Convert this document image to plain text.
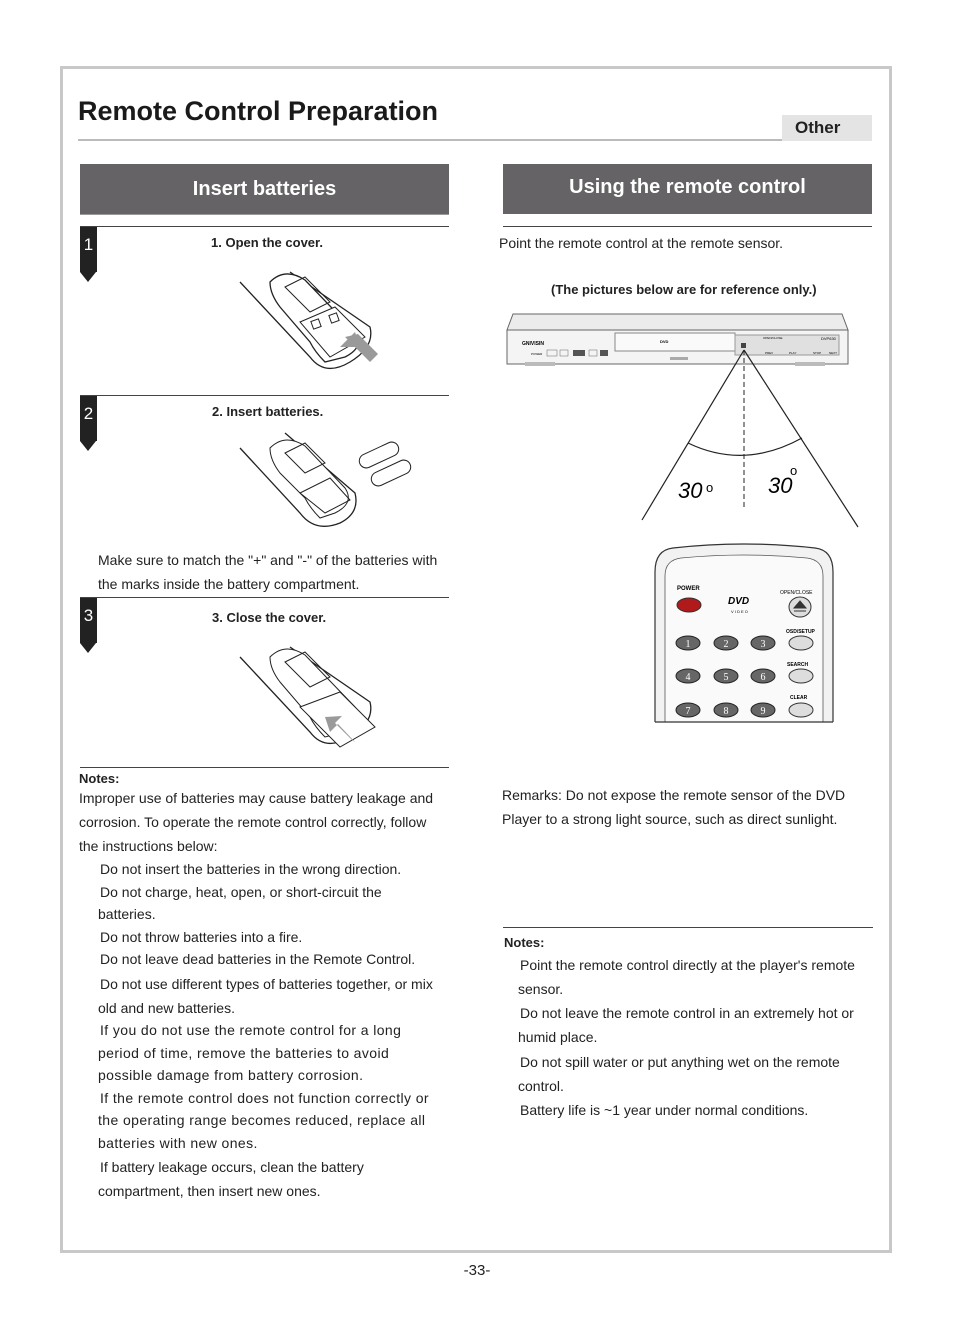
Remote Control Preparation
Other
Insert batteries
1	1. Open the cover.
2	2. Insert batteries.
Make sure to match the "+" and "-" of the batteries with
the marks inside the battery compartment.
3	3. Close the cover.
Notes:
Improper use of batteries may cause battery leakage and
corrosion. To operate the remote control correctly, follow
the instructions below:
Do not insert the batteries in the wrong direction.
Do not charge, heat, open, or short-circuit the
batteries.
Do not throw batteries into a fire.
Do not leave dead batteries in the Remote Control.
Do not use different types of batteries together, or mix
old and new batteries.
If you do not use the remote control for a long
period of time, remove the batteries to avoid
possible damage from battery corrosion.
If the remote control does not function correctly or
the operating range becomes reduced, replace all
batteries with new ones.
If battery leakage occurs, clean the battery
compartment, then insert new ones.
Using the remote control
Point the remote control at the remote sensor.
(The pictures below are for reference only.)
GNIVISIN
DVP630
POWER
DVD
OPEN/CLOSE
PLAY	STOP	NEXT
PREV
30 o 30
o
POWER
DVD
V I D E O
OPEN/CLOSE
OSD/SETUP
SEARCH
CLEAR
1	2	3
4	5	6
7	8	9
Remarks: Do not expose the remote sensor of the DVD
Player to a strong light source, such as direct sunlight.
Notes:
Point the remote control directly at the player's remote
sensor.
Do not leave the remote control in an extremely hot or
humid place.
Do not spill water or put anything wet on the remote
control.
Battery life is ~1 year under normal conditions.
-33-
